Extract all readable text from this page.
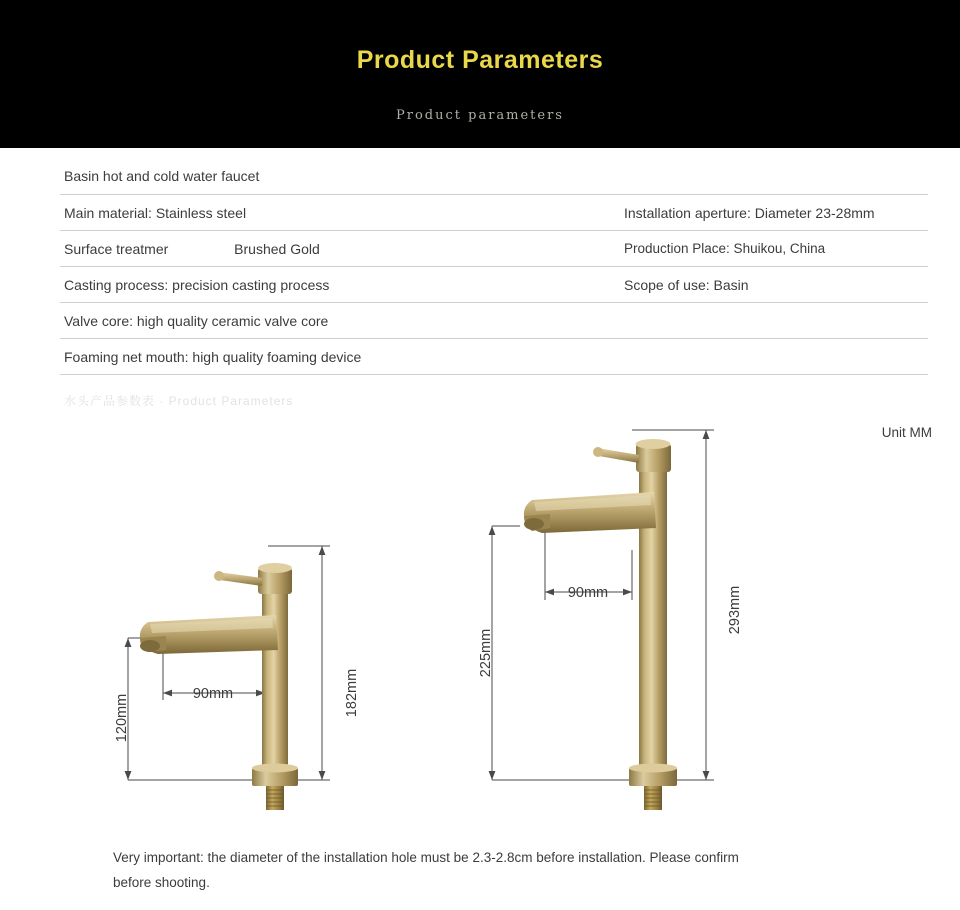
Product Parameters
Product parameters
Basin hot and cold water faucet
Main material: Stainless steel	Installation aperture: Diameter 23-28mm
Surface treatmer	Brushed Gold	Production Place: Shuikou, China
Casting process: precision casting process	Scope of use: Basin
Valve core: high quality ceramic valve core
Foaming net mouth: high quality foaming device
水头产品参数表 · Product Parameters
Unit MM
182mm
120mm	90mm
293mm
225mm
90mm
Very important: the diameter of the installation hole must be 2.3-2.8cm before installation. Please confirm
before shooting.
